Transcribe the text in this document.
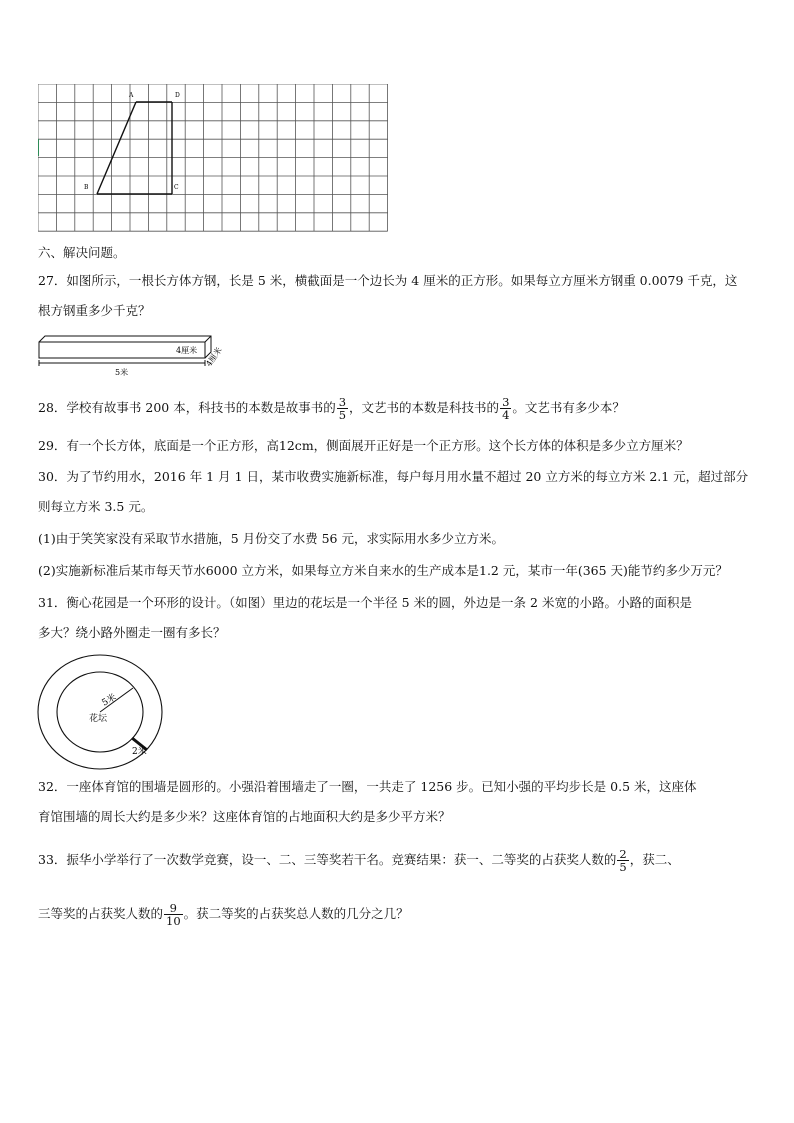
A	D
B	C
六、解决问题。
27．如图所示，一根长方体方钢，长是 5 米，横截面是一个边长为 4 厘米的正方形。如果每立方厘米方钢重 0.0079 千克，这
根方钢重多少千克？
4厘米 4厘米
5米
28．学校有故事书 200 本，科技书的本数是故事书的 $\frac{3}{5}$ ，文艺书的本数是科技书的 $\frac{3}{4}$ 。文艺书有多少本？
29．有一个长方体，底面是一个正方形，高12cm，侧面展开正好是一个正方形。这个长方体的体积是多少立方厘米？
30．为了节约用水，2016 年 1 月 1 日，某市收费实施新标准，每户每月用水量不超过 20 立方米的每立方米 2.1 元，超过部分
则每立方米 3.5 元。
(1)由于笑笑家没有采取节水措施，5 月份交了水费 56 元，求实际用水多少立方米。
(2)实施新标准后某市每天节水6000 立方米，如果每立方米自来水的生产成本是1.2 元，某市一年(365 天)能节约多少万元？
31．衡心花园是一个环形的设计。（如图）里边的花坛是一个半径 5 米的圆，外边是一条 2 米宽的小路。小路的面积是
多大？绕小路外圈走一圈有多长？
5米
花坛
2米
32．一座体育馆的围墙是圆形的。小强沿着围墙走了一圈，一共走了 1256 步。已知小强的平均步长是 0.5 米，这座体
育馆围墙的周长大约是多少米？这座体育馆的占地面积大约是多少平方米？
33．振华小学举行了一次数学竞赛，设一、二、三等奖若干名。竞赛结果：获一、二等奖的占获奖人数的 $\frac{2}{5}$ ，获二、
三等奖的占获奖人数的 $\frac{9}{10}$ 。获二等奖的占获奖总人数的几分之几？
